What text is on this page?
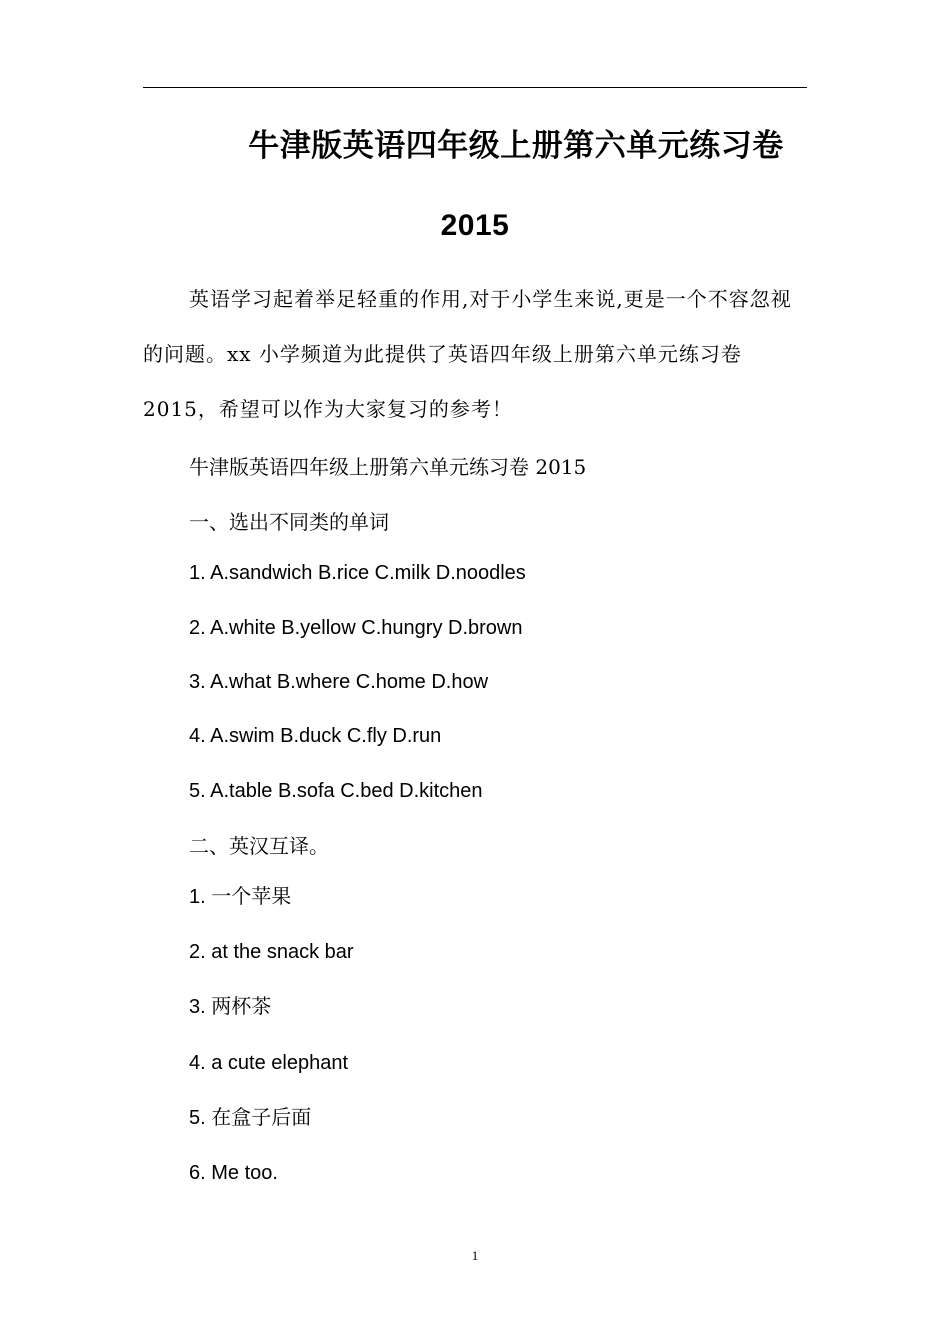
牛津版英语四年级上册第六单元练习卷
2015
英语学习起着举足轻重的作用,对于小学生来说,更是一个不容忽视的问题。xx 小学频道为此提供了英语四年级上册第六单元练习卷 2015，希望可以作为大家复习的参考！
牛津版英语四年级上册第六单元练习卷 2015
一、选出不同类的单词
1. A.sandwich B.rice C.milk D.noodles
2. A.white B.yellow C.hungry D.brown
3. A.what B.where C.home D.how
4. A.swim B.duck C.fly D.run
5. A.table B.sofa C.bed D.kitchen
二、英汉互译。
1. 一个苹果
2. at the snack bar
3. 两杯茶
4. a cute elephant
5. 在盒子后面
6. Me too.
1
